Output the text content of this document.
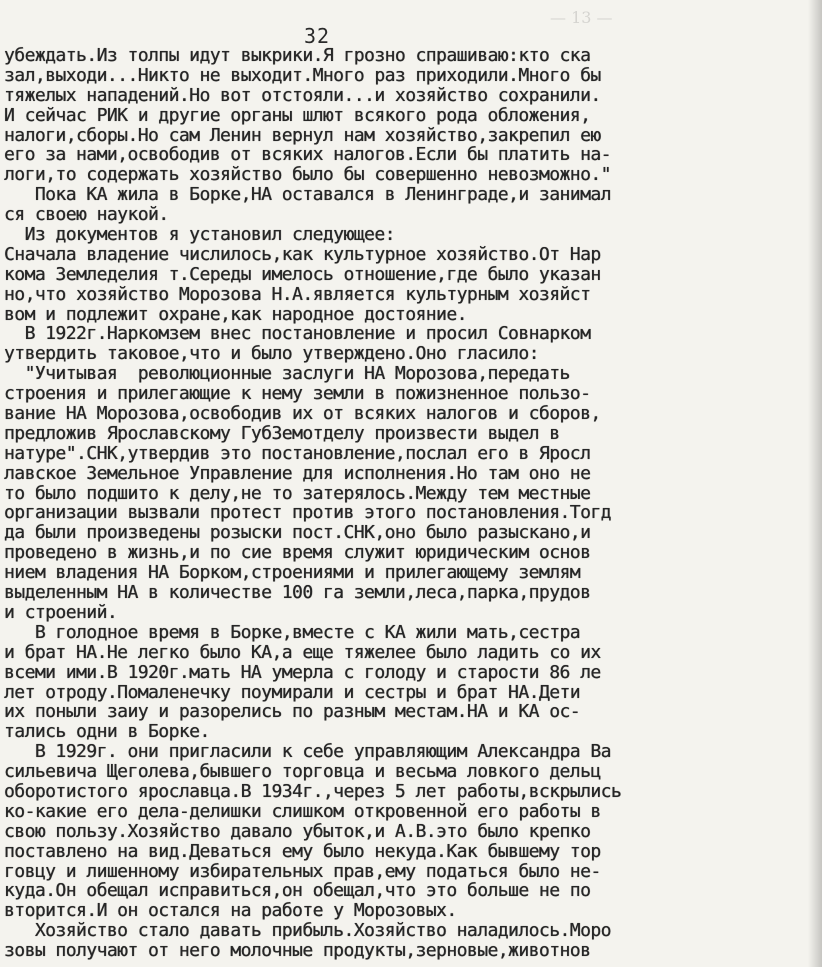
— 13 —
32
убеждать.Из толпы идут выкрики.Я грозно спрашиваю:кто ска
зал,выходи...Никто не выходит.Много раз приходили.Много бы
тяжелых нападений.Но вот отстояли...и хозяйство сохранили.
И сейчас РИК и другие органы шлют всякого рода обложения,
налоги,сборы.Но сам Ленин вернул нам хозяйство,закрепил ею
его за нами,освободив от всяких налогов.Если бы платить на-
логи,то содержать хозяйство было бы совершенно невозможно."
Пока КА жила в Борке,НА оставался в Ленинграде,и занимал
ся своею наукой.
Из документов я установил следующее:
Сначала владение числилось,как культурное хозяйство.От Нар
кома Земледелия т.Середы имелось отношение,где было указан
но,что хозяйство Морозова Н.А.является культурным хозяйст
вом и подлежит охране,как народное достояние.
В 1922г.Наркомзем внес постановление и просил Совнарком
утвердить таковое,что и было утверждено.Оно гласило:
"Учитывая  революционные заслуги НА Морозова,передать
строения и прилегающие к нему земли в пожизненное пользо-
вание НА Морозова,освободив их от всяких налогов и сборов,
предложив Ярославскому ГубЗемотделу произвести выдел в
натуре".СНК,утвердив это постановление,послал его в Яросл
лавское Земельное Управление для исполнения.Но там оно не
то было подшито к делу,не то затерялось.Между тем местные
организации вызвали протест против этого постановления.Тогд
да были произведены розыски пост.СНК,оно было разыскано,и
проведено в жизнь,и по сие время служит юридическим основ
нием владения НА Борком,строениями и прилегающему землям
выделенным НА в количестве 100 га земли,леса,парка,прудов
и строений.
В голодное время в Борке,вместе с КА жили мать,сестра
и брат НА.Не легко было КА,а еще тяжелее было ладить со их
всеми ими.В 1920г.мать НА умерла с голоду и старости 86 ле
лет отроду.Помаленечку поумирали и сестры и брат НА.Дети
их поныли заиу и разорелись по разным местам.НА и КА ос-
тались одни в Борке.
В 1929г. они пригласили к себе управляющим Александра Ва
сильевича Щеголева,бывшего торговца и весьма ловкого дельц
оборотистого ярославца.В 1934г.,через 5 лет работы,вскрылись
ко-какие его дела-делишки слишком откровенной его работы в
свою пользу.Хозяйство давало убыток,и А.В.это было крепко
поставлено на вид.Деваться ему было некуда.Как бывшему тор
говцу и лишенному избирательных прав,ему податься было не-
куда.Он обещал исправиться,он обещал,что это больше не по
вторится.И он остался на работе у Морозовых.
Хозяйство стало давать прибыль.Хозяйство наладилось.Моро
зовы получают от него молочные продукты,зерновые,животнов
